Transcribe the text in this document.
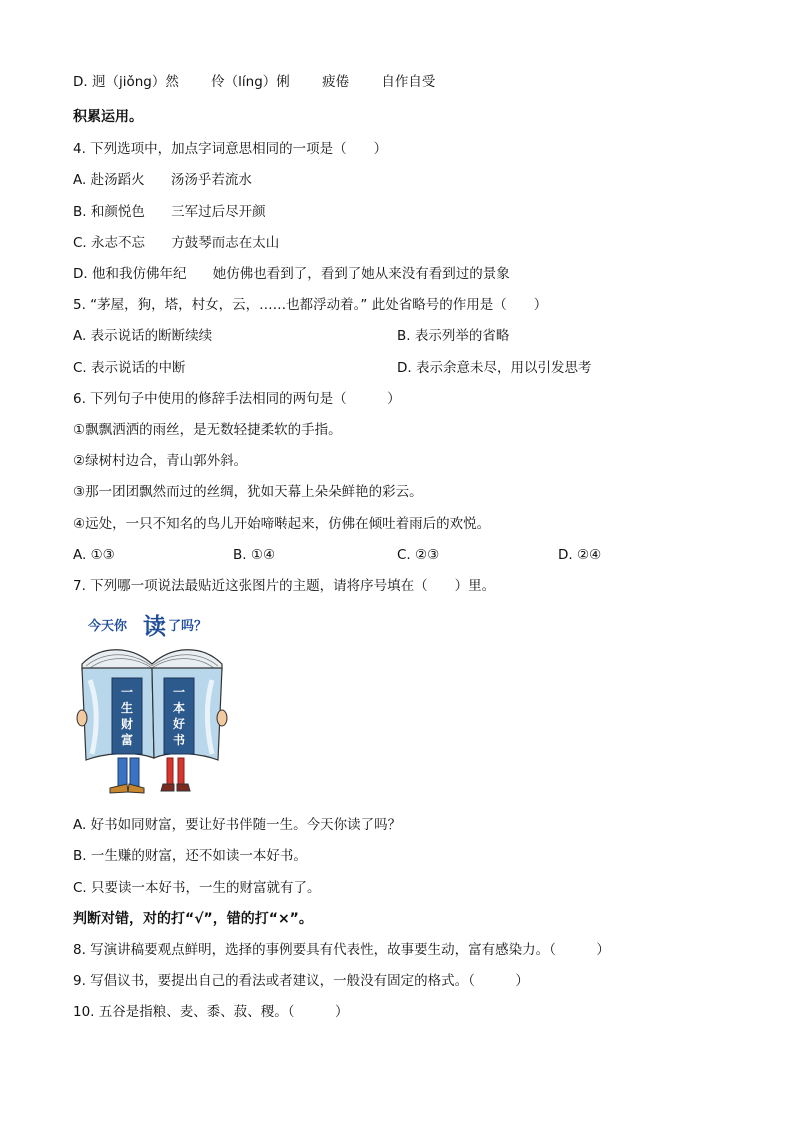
D. 迥（jiǒng）然 伶（líng）俐 疲倦 自作自受
积累运用。
4. 下列选项中，加点字词意思相同的一项是（　　）
A. 赴汤蹈火 汤汤乎若流水
B. 和颜悦色 三军过后尽开颜
C. 永志不忘 方鼓琴而志在太山
D. 他和我仿佛年纪 她仿佛也看到了，看到了她从来没有看到过的景象
5. “茅屋，狗，塔，村女，云，……也都浮动着。” 此处省略号的作用是（　　）
A. 表示说话的断断续续	B. 表示列举的省略
C. 表示说话的中断	D. 表示余意未尽，用以引发思考
6. 下列句子中使用的修辞手法相同的两句是（　　　）
①飘飘洒洒的雨丝，是无数轻捷柔软的手指。
②绿树村边合，青山郭外斜。
③那一团团飘然而过的丝绸，犹如天幕上朵朵鲜艳的彩云。
④远处，一只不知名的鸟儿开始啼啭起来，仿佛在倾吐着雨后的欢悦。
A. ①③	B. ①④	C. ②③	D. ②④
7. 下列哪一项说法最贴近这张图片的主题，请将序号填在（　　）里。
今天你 读 了吗？
一
生
财
富
一
本
好
书
A. 好书如同财富，要让好书伴随一生。今天你读了吗？
B. 一生赚的财富，还不如读一本好书。
C. 只要读一本好书，一生的财富就有了。
判断对错，对的打“√”，错的打“×”。
8. 写演讲稿要观点鲜明，选择的事例要具有代表性，故事要生动，富有感染力。（　　　）
9. 写倡议书，要提出自己的看法或者建议，一般没有固定的格式。（　　　）
10. 五谷是指粮、麦、黍、菽、稷。（　　　）
